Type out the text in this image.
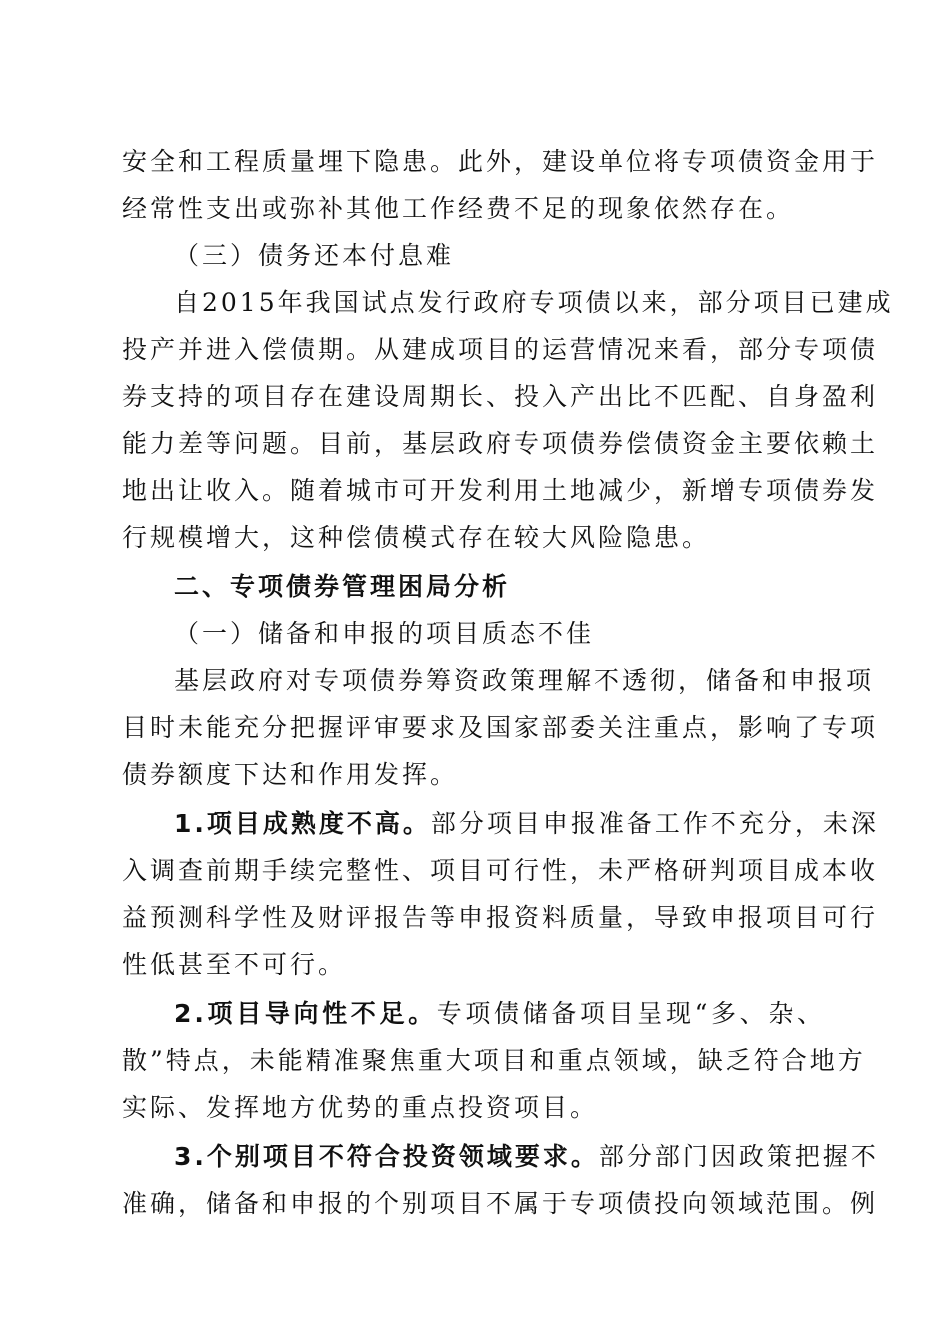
安全和工程质量埋下隐患。此外，建设单位将专项债资金用于
经常性支出或弥补其他工作经费不足的现象依然存在。
（三）债务还本付息难
自2015年我国试点发行政府专项债以来，部分项目已建成
投产并进入偿债期。从建成项目的运营情况来看，部分专项债
券支持的项目存在建设周期长、投入产出比不匹配、自身盈利
能力差等问题。目前，基层政府专项债券偿债资金主要依赖土
地出让收入。随着城市可开发利用土地减少，新增专项债券发
行规模增大，这种偿债模式存在较大风险隐患。
二、专项债券管理困局分析
（一）储备和申报的项目质态不佳
基层政府对专项债券筹资政策理解不透彻，储备和申报项
目时未能充分把握评审要求及国家部委关注重点，影响了专项
债券额度下达和作用发挥。
1.项目成熟度不高。部分项目申报准备工作不充分，未深
入调查前期手续完整性、项目可行性，未严格研判项目成本收
益预测科学性及财评报告等申报资料质量，导致申报项目可行
性低甚至不可行。
2.项目导向性不足。专项债储备项目呈现“多、杂、
散”特点，未能精准聚焦重大项目和重点领域，缺乏符合地方
实际、发挥地方优势的重点投资项目。
3.个别项目不符合投资领域要求。部分部门因政策把握不
准确，储备和申报的个别项目不属于专项债投向领域范围。例
